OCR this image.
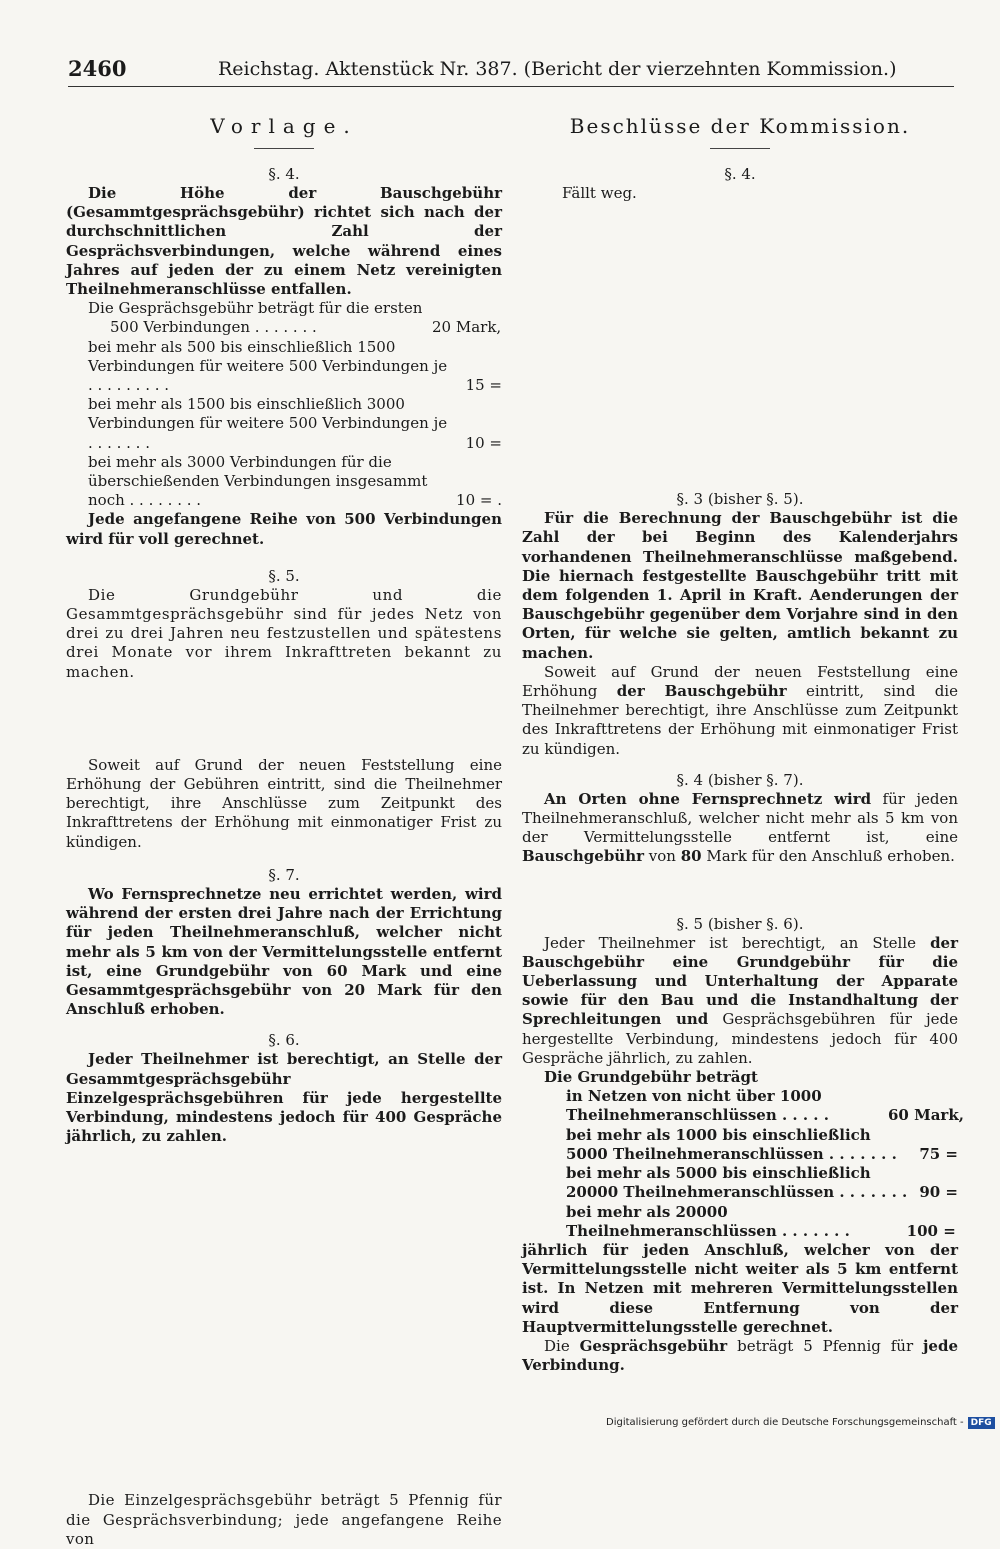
2460	Reichstag. Aktenstück Nr. 387. (Bericht der vierzehnten Kommission.)
Vorlage.
§. 4.

Die Höhe der Bauschgebühr (Gesammtgesprächsgebühr) richtet sich nach der durchschnittlichen Zahl der Gesprächsverbindungen, welche während eines Jahres auf jeden der zu einem Netz vereinigten Theilnehmeranschlüsse entfallen.

Die Gesprächsgebühr beträgt für die ersten
500 Verbindungen . . . . . . .	20 Mark,
bei mehr als 500 bis einschließlich 1500 Verbindungen für weitere 500 Verbindungen je . . . . . . . . .	15 =
bei mehr als 1500 bis einschließlich 3000 Verbindungen für weitere 500 Verbindungen je . . . . . . .	10 =
bei mehr als 3000 Verbindungen für die überschießenden Verbindungen insgesammt noch . . . . . . . .	10 = .

Jede angefangene Reihe von 500 Verbindungen wird für voll gerechnet.

§. 5.

Die Grundgebühr und die Gesammtgesprächsgebühr sind für jedes Netz von drei zu drei Jahren neu festzustellen und spätestens drei Monate vor ihrem Inkrafttreten bekannt zu machen.

Soweit auf Grund der neuen Feststellung eine Erhöhung der Gebühren eintritt, sind die Theilnehmer berechtigt, ihre Anschlüsse zum Zeitpunkt des Inkrafttretens der Erhöhung mit einmonatiger Frist zu kündigen.

§. 7.

Wo Fernsprechnetze neu errichtet werden, wird während der ersten drei Jahre nach der Errichtung für jeden Theilnehmeranschluß, welcher nicht mehr als 5 km von der Vermittelungsstelle entfernt ist, eine Grundgebühr von 60 Mark und eine Gesammtgesprächsgebühr von 20 Mark für den Anschluß erhoben.

§. 6.

Jeder Theilnehmer ist berechtigt, an Stelle der Gesammtgesprächsgebühr Einzelgesprächsgebühren für jede hergestellte Verbindung, mindestens jedoch für 400 Gespräche jährlich, zu zahlen.

Die Einzelgesprächsgebühr beträgt 5 Pfennig für die Gesprächsverbindung; jede angefangene Reihe von

Beschlüsse der Kommission.
§. 4.

Fällt weg.

§. 3 (bisher §. 5).

Für die Berechnung der Bauschgebühr ist die Zahl der bei Beginn des Kalenderjahrs vorhandenen Theilnehmeranschlüsse maßgebend. Die hiernach festgestellte Bauschgebühr tritt mit dem folgenden 1. April in Kraft. Aenderungen der Bauschgebühr gegenüber dem Vorjahre sind in den Orten, für welche sie gelten, amtlich bekannt zu machen.

Soweit auf Grund der neuen Feststellung eine Erhöhung der Bauschgebühr eintritt, sind die Theilnehmer berechtigt, ihre Anschlüsse zum Zeitpunkt des Inkrafttretens der Erhöhung mit einmonatiger Frist zu kündigen.

§. 4 (bisher §. 7).

An Orten ohne Fernsprechnetz wird für jeden Theilnehmeranschluß, welcher nicht mehr als 5 km von der Vermittelungsstelle entfernt ist, eine Bauschgebühr von 80 Mark für den Anschluß erhoben.

§. 5 (bisher §. 6).

Jeder Theilnehmer ist berechtigt, an Stelle der Bauschgebühr eine Grundgebühr für die Ueberlassung und Unterhaltung der Apparate sowie für den Bau und die Instandhaltung der Sprechleitungen und Gesprächsgebühren für jede hergestellte Verbindung, mindestens jedoch für 400 Gespräche jährlich, zu zahlen.

Die Grundgebühr beträgt
in Netzen von nicht über 1000 Theilnehmeranschlüssen . . . . .	60 Mark,
bei mehr als 1000 bis einschließlich 5000 Theilnehmeranschlüssen . . . . . . .	75 =
bei mehr als 5000 bis einschließlich 20000 Theilnehmeranschlüssen . . . . . . . 90 =
bei mehr als 20000 Theilnehmeranschlüssen . . . . . . .	100 =

jährlich für jeden Anschluß, welcher von der Vermittelungsstelle nicht weiter als 5 km entfernt ist. In Netzen mit mehreren Vermittelungsstellen wird diese Entfernung von der Hauptvermittelungsstelle gerechnet.

Die Gesprächsgebühr beträgt 5 Pfennig für jede Verbindung.

Digitalisierung gefördert durch die Deutsche Forschungsgemeinschaft - DFG
